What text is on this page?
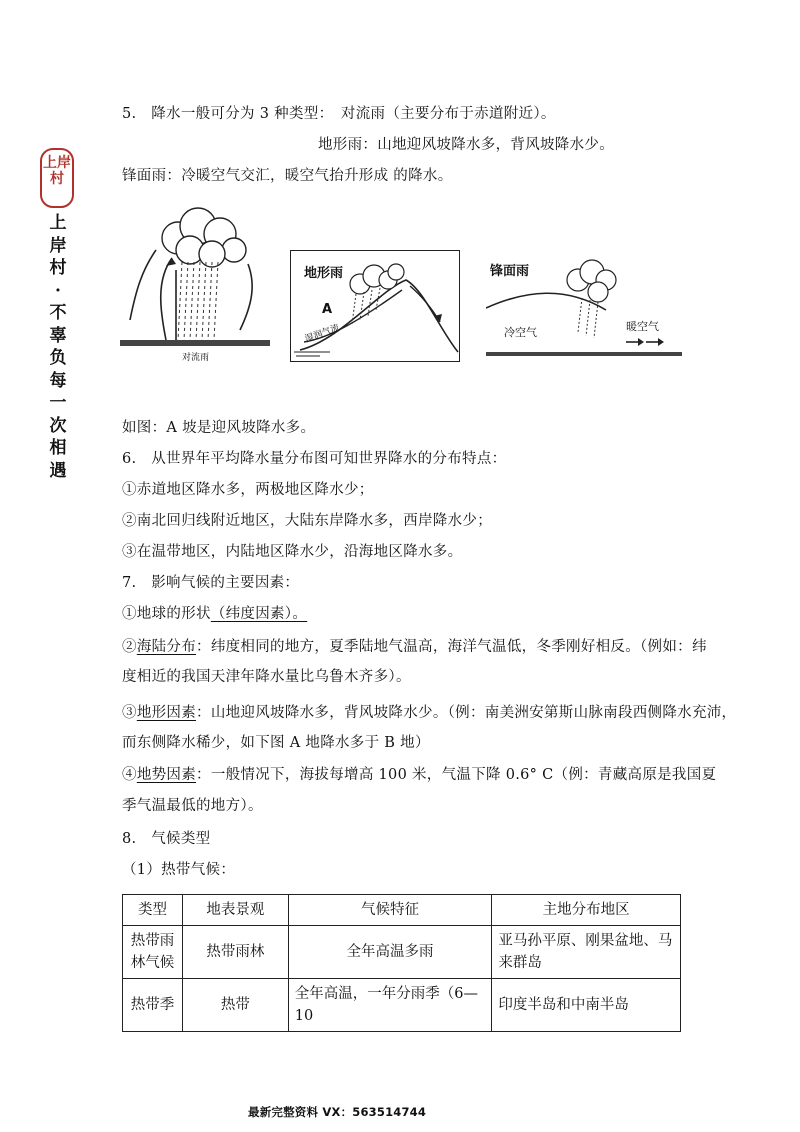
上岸村
上
岸
村
·
不
辜
负
每
一
次
相
遇
5.　降水一般可分为 3 种类型：　对流雨（主要分布于赤道附近）。
地形雨：山地迎风坡降水多，背风坡降水少。
锋面雨：冷暖空气交汇，暖空气抬升形成 的降水。
对流雨
地形雨
A
湿润气流
锋面雨
冷空气	暖空气
如图：A 坡是迎风坡降水多。
6.　从世界年平均降水量分布图可知世界降水的分布特点：
①赤道地区降水多，两极地区降水少；
②南北回归线附近地区，大陆东岸降水多，西岸降水少；
③在温带地区，内陆地区降水少，沿海地区降水多。
7.　影响气候的主要因素：
①地球的形状（纬度因素）。
②海陆分布：纬度相同的地方，夏季陆地气温高，海洋气温低，冬季刚好相反。（例如：纬
度相近的我国天津年降水量比乌鲁木齐多）。
③地形因素：山地迎风坡降水多，背风坡降水少。（例：南美洲安第斯山脉南段西侧降水充沛，
而东侧降水稀少，如下图 A 地降水多于 B 地）
④地势因素：一般情况下，海拔每增高 100 米，气温下降 0.6° C（例：青藏高原是我国夏
季气温最低的地方）。
8.　气候类型
（1）热带气候：
类型	地表景观	气候特征	主地分布地区
热带雨
林气候	热带雨林	全年高温多雨	亚马孙平原、刚果盆地、马
来群岛
热带季	热带	全年高温，一年分雨季（6—10	印度半岛和中南半岛
最新完整资料 VX：563514744
